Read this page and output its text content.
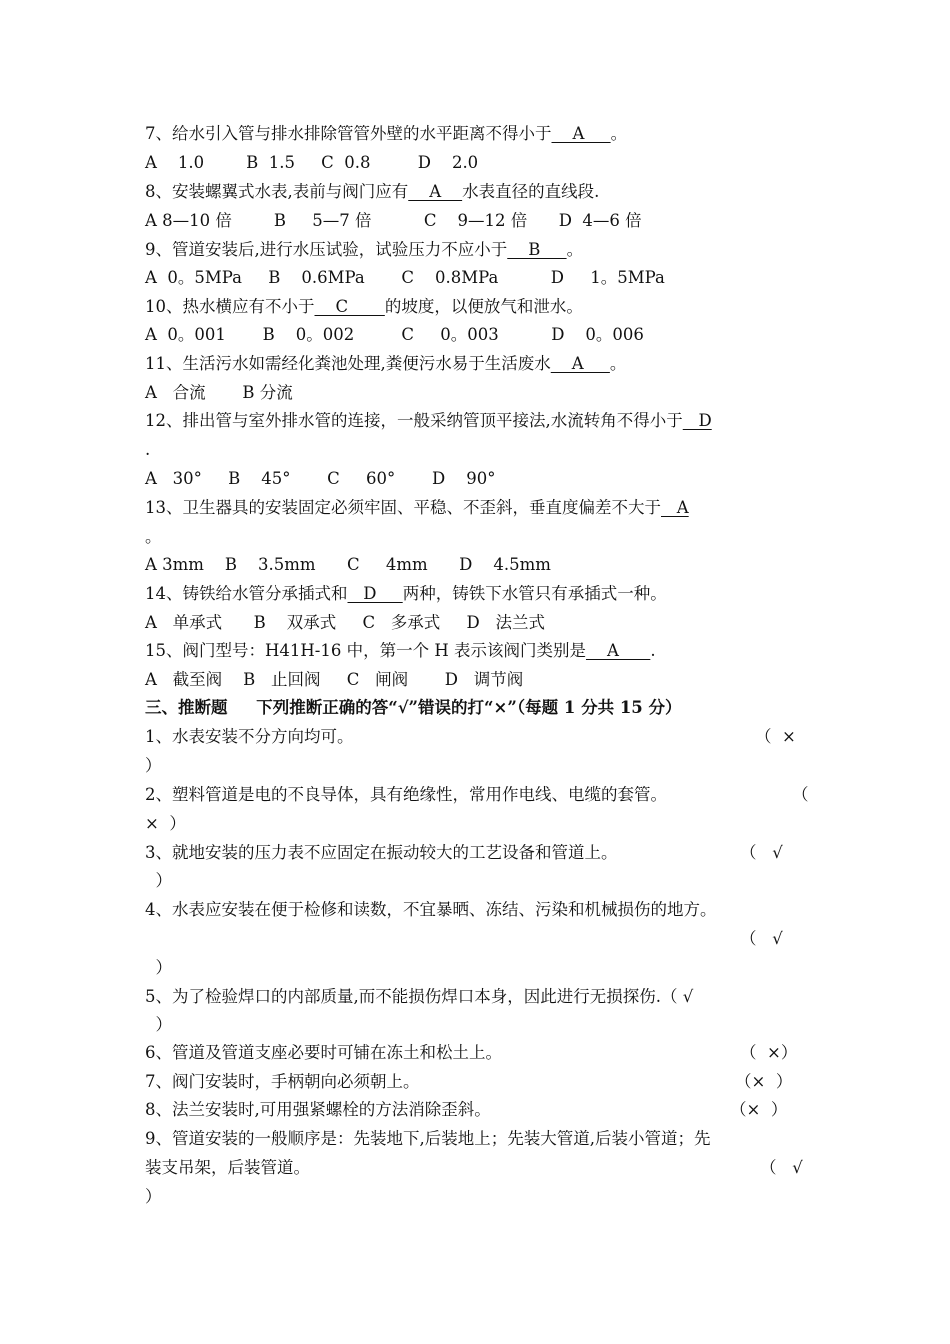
7、给水引入管与排水排除管管外壁的水平距离不得小于    A     。
A    1.0        B  1.5     C  0.8         D    2.0
8、安装螺翼式水表,表前与阀门应有    A    水表直径的直线段.
A 8—10 倍        B     5—7 倍          C    9—12 倍      D  4—6 倍
9、管道安装后,进行水压试验，试验压力不应小于    B     。
A  0。5MPa     B    0.6MPa       C    0.8MPa          D     1。5MPa
10、热水横应有不小于    C       的坡度，以便放气和泄水。
A  0。001       B    0。002         C     0。003          D    0。006
11、生活污水如需经化粪池处理,粪便污水易于生活废水    A     。
A   合流       B 分流
12、排出管与室外排水管的连接，一般采纳管顶平接法,水流转角不得小于   D
.
A   30°     B    45°       C     60°       D    90°
13、卫生器具的安装固定必须牢固、平稳、不歪斜，垂直度偏差不大于   A
。
A 3mm    B    3.5mm      C     4mm      D    4.5mm
14、铸铁给水管分承插式和   D     两种，铸铁下水管只有承插式一种。
A   单承式      B    双承式     C   多承式     D   法兰式
15、阀门型号：H41H-16 中，第一个 H 表示该阀门类别是    A      .
A   截至阀    B   止回阀     C   闸阀       D   调节阀
三、推断题     下列推断正确的答“√”错误的打“×”（每题 1 分共 15 分）
1、水表安装不分方向均可。	（  ×
）
2、塑料管道是电的不良导体，具有绝缘性，常用作电线、电缆的套管。	（
×  ）
3、就地安装的压力表不应固定在振动较大的工艺设备和管道上。	（   √
）
4、水表应安装在便于检修和读数，不宜暴晒、冻结、污染和机械损伤的地方。
（   √
）
5、为了检验焊口的内部质量,而不能损伤焊口本身，因此进行无损探伤.（ √
）
6、管道及管道支座必要时可铺在冻土和松土上。	（  ×）
7、阀门安装时，手柄朝向必须朝上。	（×  ）
8、法兰安装时,可用强紧螺栓的方法消除歪斜。	（×  ）
9、管道安装的一般顺序是：先装地下,后装地上；先装大管道,后装小管道；先
装支吊架，后装管道。	（   √
）
